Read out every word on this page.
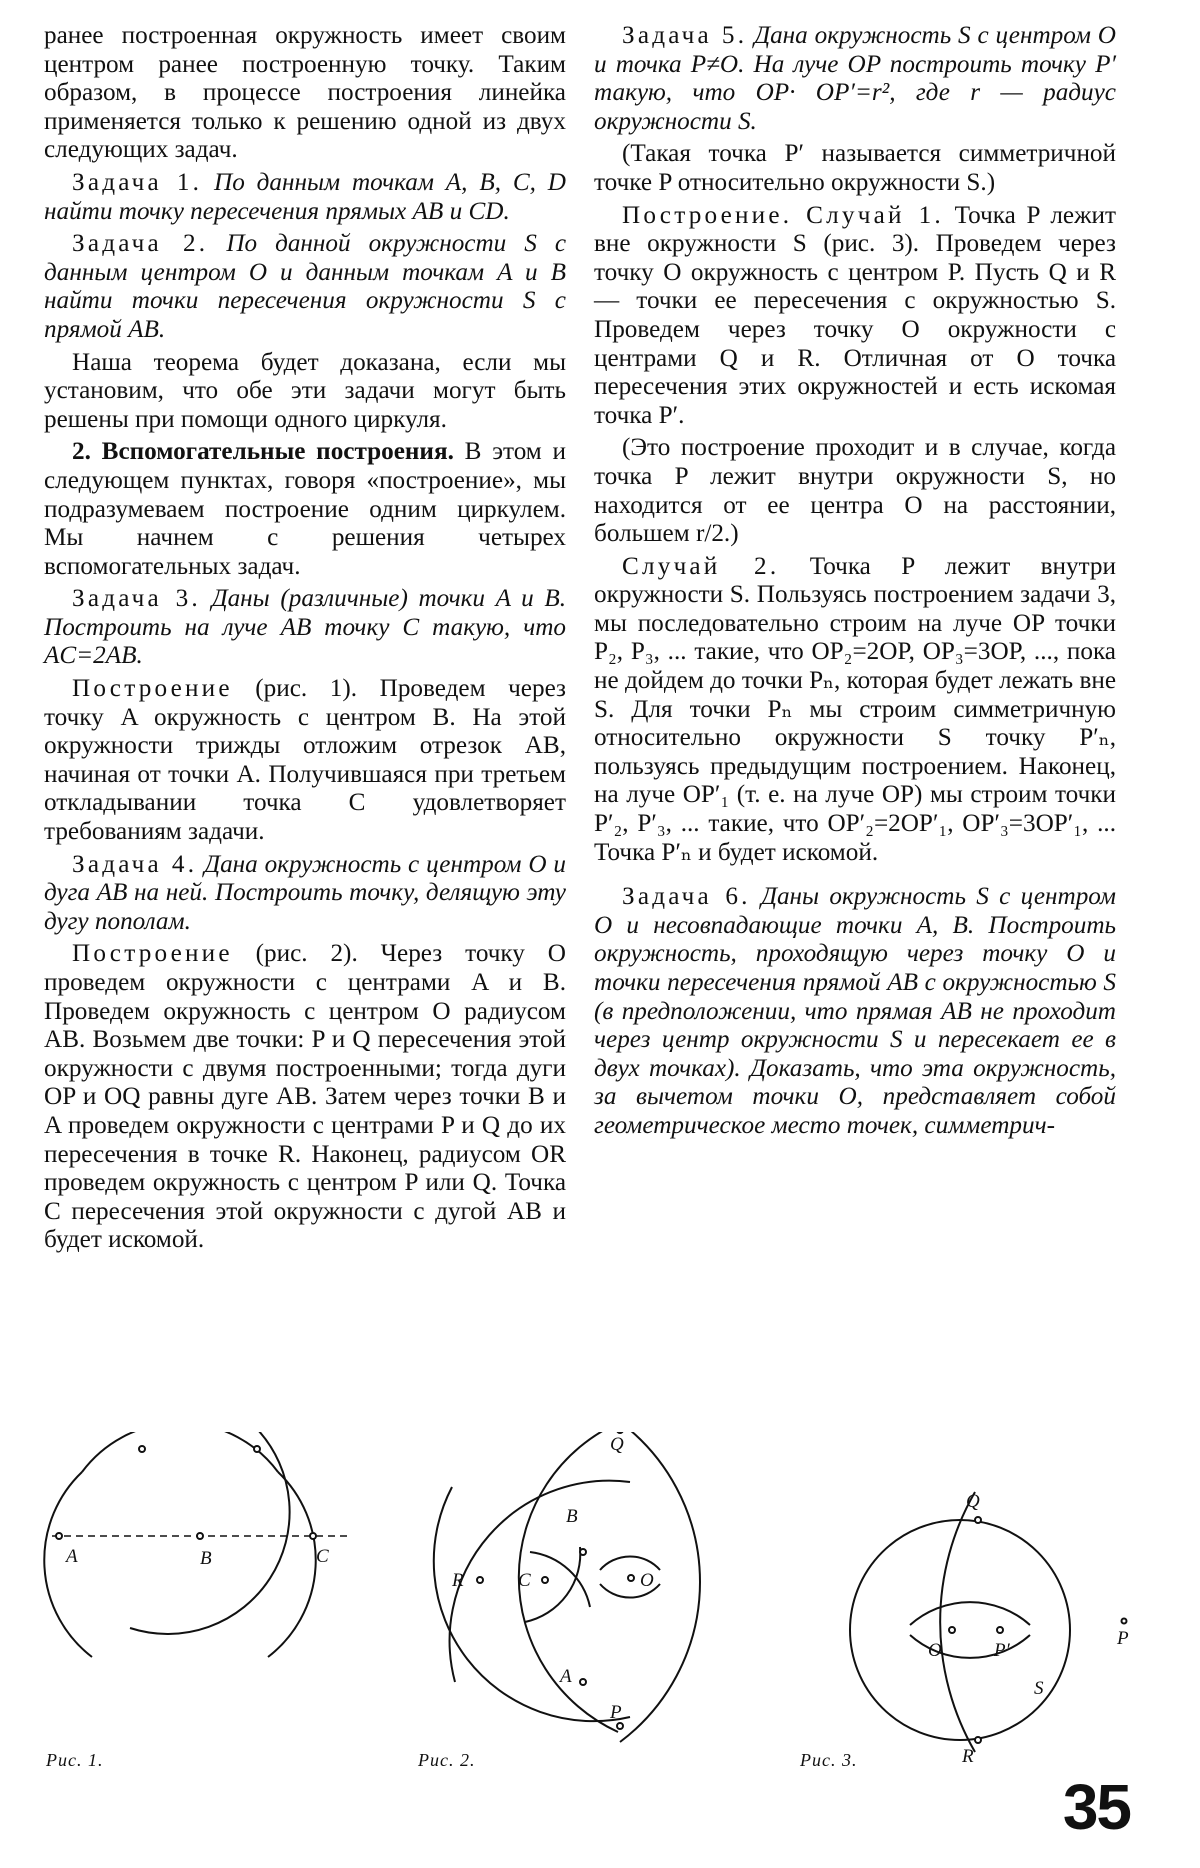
ранее построенная окружность имеет своим центром ранее построенную точку. Таким образом, в процессе построения линейка применяется только к решению одной из двух следующих задач.

Задача 1. По данным точкам A, B, C, D найти точку пересечения прямых AB и CD.

Задача 2. По данной окружности S с данным центром O и данным точкам A и B найти точки пересечения окружности S с прямой AB.

Наша теорема будет доказана, если мы установим, что обе эти задачи могут быть решены при помощи одного циркуля.

2. Вспомогательные построения. В этом и следующем пунктах, говоря «построение», мы подразумеваем построение одним циркулем. Мы начнем с решения четырех вспомогательных задач.

Задача 3. Даны (различные) точки A и B. Построить на луче AB точку C такую, что AC=2AB.

Построение (рис. 1). Проведем через точку A окружность с центром B. На этой окружности трижды отложим отрезок AB, начиная от точки A. Получившаяся при третьем откладывании точка C удовлетворяет требованиям задачи.

Задача 4. Дана окружность с центром O и дуга AB на ней. Построить точку, делящую эту дугу пополам.

Построение (рис. 2). Через точку O проведем окружности с центрами A и B. Проведем окружность с центром O радиусом AB. Возьмем две точки: P и Q пересечения этой окружности с двумя построенными; тогда дуги OP и OQ равны дуге AB. Затем через точки B и A проведем окружности с центрами P и Q до их пересечения в точке R. Наконец, радиусом OR проведем окружность с центром P или Q. Точка C пересечения этой окружности с дугой AB и будет искомой.

Задача 5. Дана окружность S с центром O и точка P≠O. На луче OP построить точку P′ такую, что OP· OP′=r², где r — радиус окружности S.

(Такая точка P′ называется симметричной точке P относительно окружности S.)

Построение. Случай 1. Точка P лежит вне окружности S (рис. 3). Проведем через точку O окружность с центром P. Пусть Q и R — точки ее пересечения с окружностью S. Проведем через точку O окружности с центрами Q и R. Отличная от O точка пересечения этих окружностей и есть искомая точка P′.

(Это построение проходит и в случае, когда точка P лежит внутри окружности S, но находится от ее центра O на расстоянии, большем r/2.)

Случай 2. Точка P лежит внутри окружности S. Пользуясь построением задачи 3, мы последовательно строим на луче OP точки P₂, P₃, ... такие, что OP₂=2OP, OP₃=3OP, ..., пока не дойдем до точки Pₙ, которая будет лежать вне S. Для точки Pₙ мы строим симметричную относительно окружности S точку P′ₙ, пользуясь предыдущим построением. Наконец, на луче OP′₁ (т. е. на луче OP) мы строим точки P′₂, P′₃, ... такие, что OP′₂=2OP′₁, OP′₃=3OP′₁, ... Точка P′ₙ и будет искомой.

Задача 6. Даны окружность S с центром O и несовпадающие точки A, B. Построить окружность, проходящую через точку O и точки пересечения прямой AB с окружностью S (в предположении, что прямая AB не проходит через центр окружности S и пересекает ее в двух точках). Доказать, что эта окружность, за вычетом точки O, представляет собой геометрическое место точек, симметрич-

A	B	C
Q
B
R	C	O
A
P
Q
O	P′
P
S
R
Рис. 1.	Рис. 2.	Рис. 3.
35
